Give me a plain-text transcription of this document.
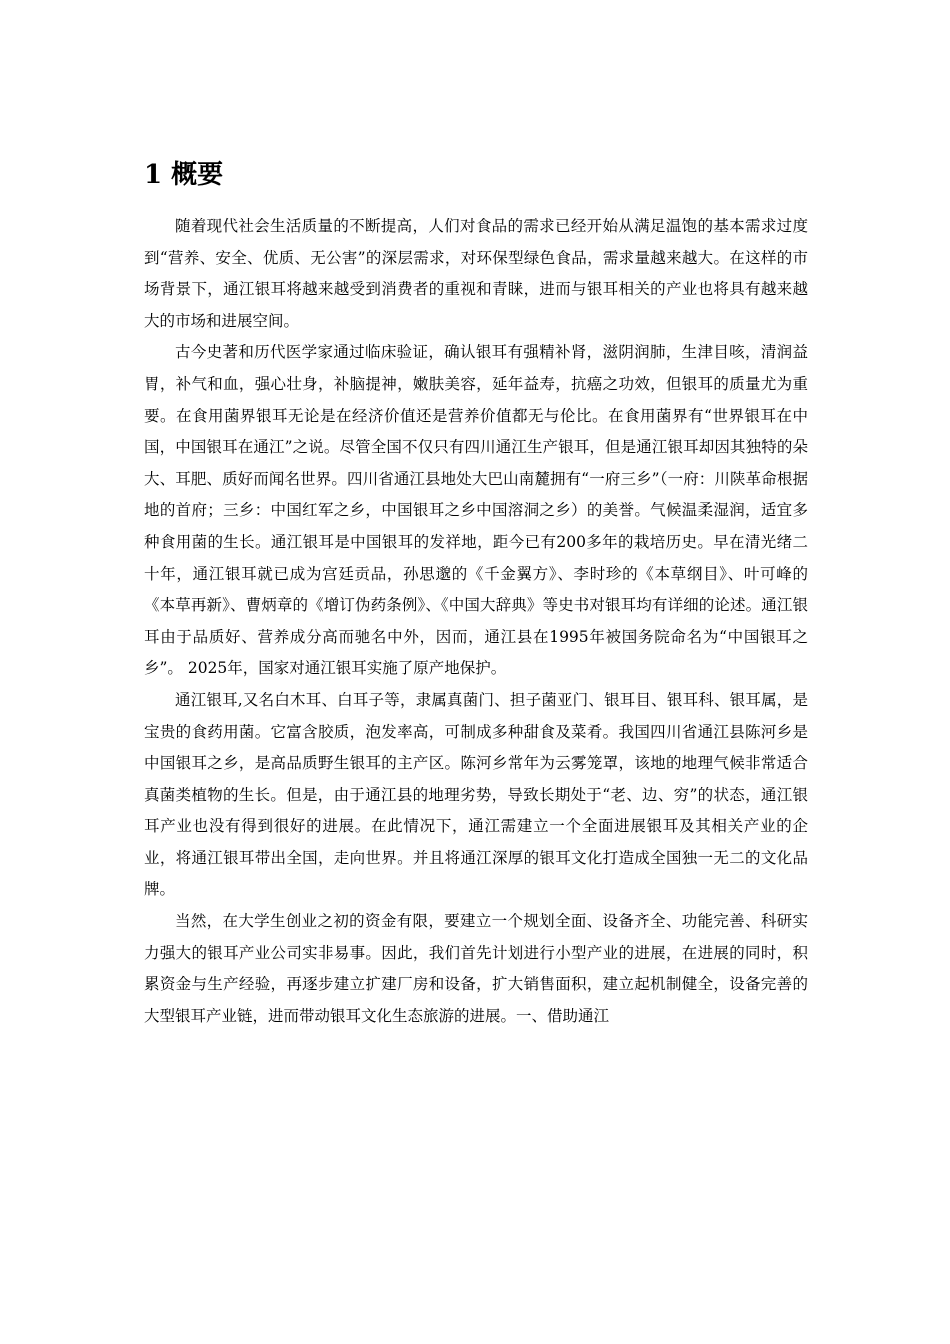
1 概要

随着现代社会生活质量的不断提高，人们对食品的需求已经开始从满足温饱的基本需求过度到“营养、安全、优质、无公害”的深层需求，对环保型绿色食品，需求量越来越大。在这样的市场背景下，通江银耳将越来越受到消费者的重视和青睐，进而与银耳相关的产业也将具有越来越大的市场和进展空间。

古今史著和历代医学家通过临床验证，确认银耳有强精补肾，滋阴润肺，生津目咳，清润益胃，补气和血，强心壮身，补脑提神，嫩肤美容，延年益寿，抗癌之功效，但银耳的质量尤为重要。在食用菌界银耳无论是在经济价值还是营养价值都无与伦比。在食用菌界有“世界银耳在中国，中国银耳在通江”之说。尽管全国不仅只有四川通江生产银耳，但是通江银耳却因其独特的朵大、耳肥、质好而闻名世界。四川省通江县地处大巴山南麓拥有“一府三乡”（一府：川陕革命根据地的首府；三乡：中国红军之乡，中国银耳之乡中国溶洞之乡）的美誉。气候温柔湿润，适宜多种食用菌的生长。通江银耳是中国银耳的发祥地，距今已有200多年的栽培历史。早在清光绪二十年，通江银耳就已成为宫廷贡品，孙思邈的《千金翼方》、李时珍的《本草纲目》、叶可峰的《本草再新》、曹炳章的《增订伪药条例》、《中国大辞典》等史书对银耳均有详细的论述。通江银耳由于品质好、营养成分高而驰名中外，因而，通江县在1995年被国务院命名为“中国银耳之乡”。 2025年，国家对通江银耳实施了原产地保护。

通江银耳,又名白木耳、白耳子等，隶属真菌门、担子菌亚门、银耳目、银耳科、银耳属，是宝贵的食药用菌。它富含胶质，泡发率高，可制成多种甜食及菜肴。我国四川省通江县陈河乡是中国银耳之乡，是高品质野生银耳的主产区。陈河乡常年为云雾笼罩，该地的地理气候非常适合真菌类植物的生长。但是，由于通江县的地理劣势，导致长期处于“老、边、穷”的状态，通江银耳产业也没有得到很好的进展。在此情况下，通江需建立一个全面进展银耳及其相关产业的企业，将通江银耳带出全国，走向世界。并且将通江深厚的银耳文化打造成全国独一无二的文化品牌。

当然，在大学生创业之初的资金有限，要建立一个规划全面、设备齐全、功能完善、科研实力强大的银耳产业公司实非易事。因此，我们首先计划进行小型产业的进展，在进展的同时，积累资金与生产经验，再逐步建立扩建厂房和设备，扩大销售面积，建立起机制健全，设备完善的大型银耳产业链，进而带动银耳文化生态旅游的进展。一、借助通江
